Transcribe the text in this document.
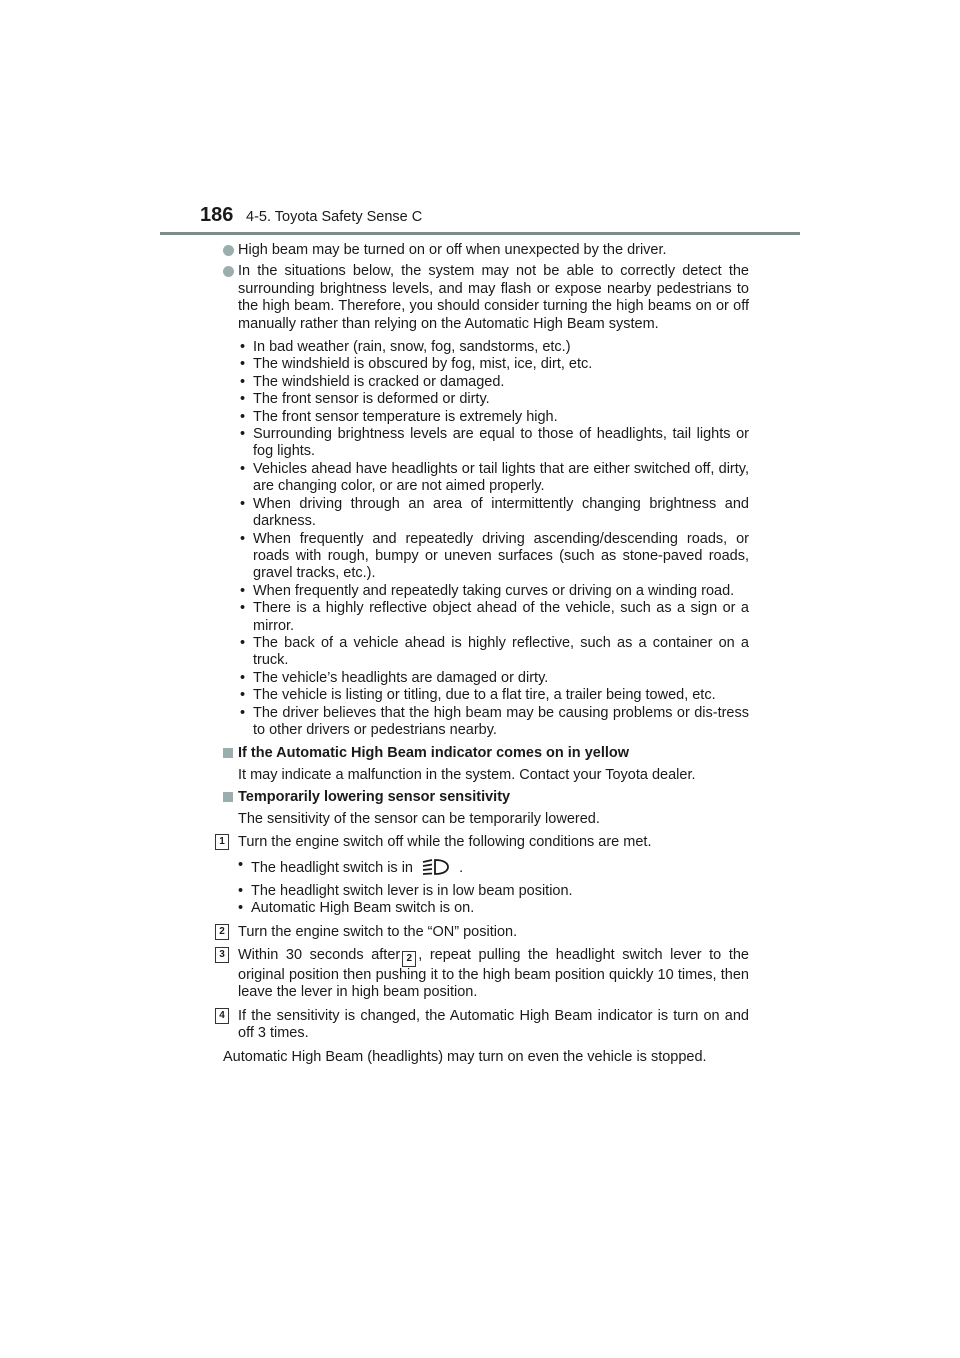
186 4-5. Toyota Safety Sense C
High beam may be turned on or off when unexpected by the driver.
In the situations below, the system may not be able to correctly detect the surrounding brightness levels, and may flash or expose nearby pedestrians to the high beam. Therefore, you should consider turning the high beams on or off manually rather than relying on the Automatic High Beam system.
• In bad weather (rain, snow, fog, sandstorms, etc.)
• The windshield is obscured by fog, mist, ice, dirt, etc.
• The windshield is cracked or damaged.
• The front sensor is deformed or dirty.
• The front sensor temperature is extremely high.
• Surrounding brightness levels are equal to those of headlights, tail lights or fog lights.
• Vehicles ahead have headlights or tail lights that are either switched off, dirty, are changing color, or are not aimed properly.
• When driving through an area of intermittently changing brightness and darkness.
• When frequently and repeatedly driving ascending/descending roads, or roads with rough, bumpy or uneven surfaces (such as stone-paved roads, gravel tracks, etc.).
• When frequently and repeatedly taking curves or driving on a winding road.
• There is a highly reflective object ahead of the vehicle, such as a sign or a mirror.
• The back of a vehicle ahead is highly reflective, such as a container on a truck.
• The vehicle’s headlights are damaged or dirty.
• The vehicle is listing or titling, due to a flat tire, a trailer being towed, etc.
• The driver believes that the high beam may be causing problems or dis-tress to other drivers or pedestrians nearby.
If the Automatic High Beam indicator comes on in yellow
It may indicate a malfunction in the system. Contact your Toyota dealer.
Temporarily lowering sensor sensitivity
The sensitivity of the sensor can be temporarily lowered.
1 Turn the engine switch off while the following conditions are met.
• The headlight switch is in	.
• The headlight switch lever is in low beam position.
• Automatic High Beam switch is on.
2 Turn the engine switch to the “ON” position.
3 Within 30 seconds after 2 , repeat pulling the headlight switch lever to the original position then pushing it to the high beam position quickly 10 times, then leave the lever in high beam position.
4 If the sensitivity is changed, the Automatic High Beam indicator is turn on and off 3 times.
Automatic High Beam (headlights) may turn on even the vehicle is stopped.
